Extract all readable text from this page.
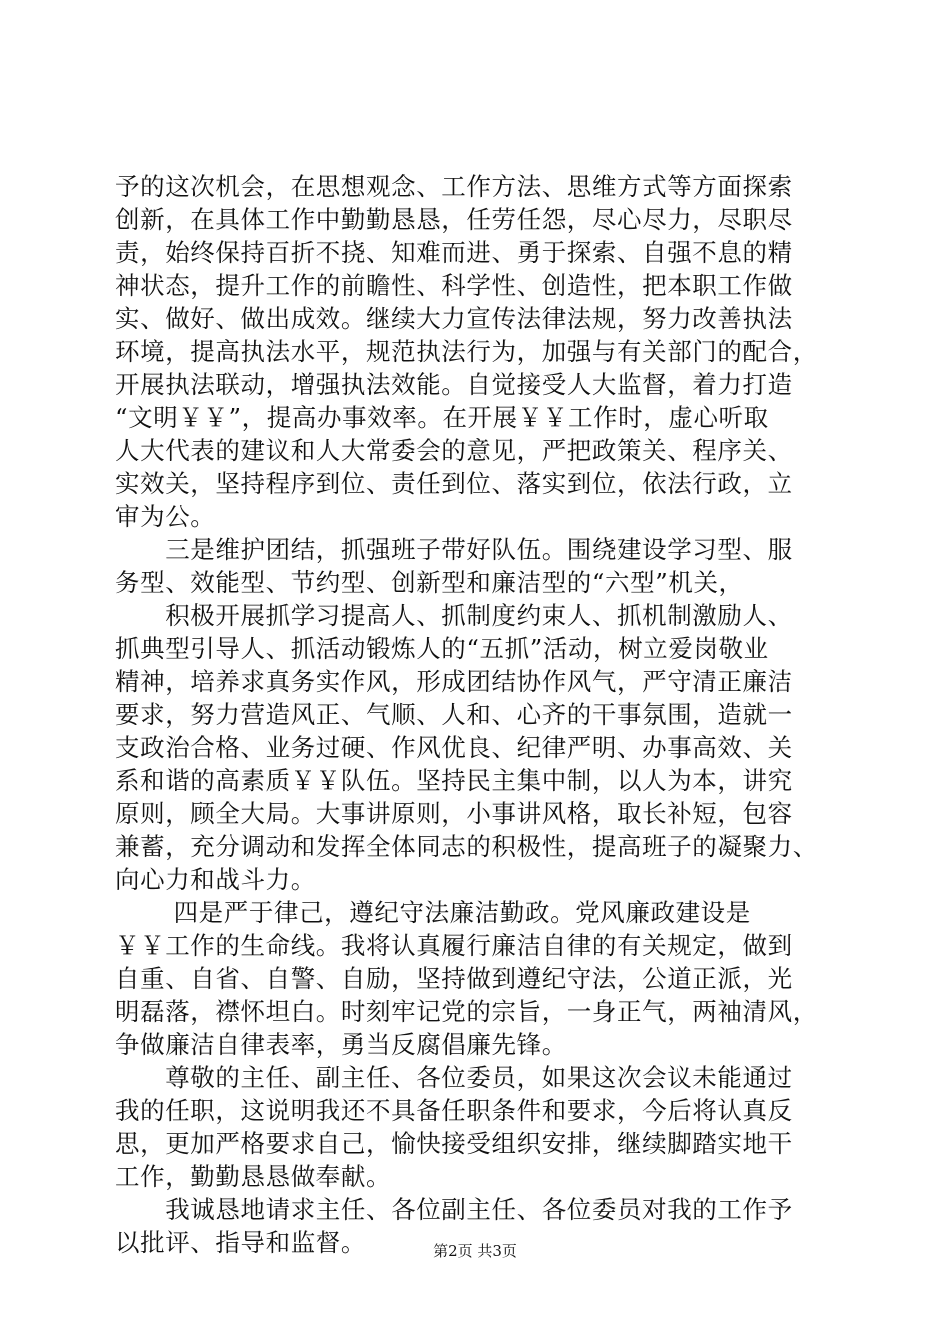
予的这次机会，在思想观念、工作方法、思维方式等方面探索
创新，在具体工作中勤勤恳恳，任劳任怨，尽心尽力，尽职尽
责，始终保持百折不挠、知难而进、勇于探索、自强不息的精
神状态，提升工作的前瞻性、科学性、创造性，把本职工作做
实、做好、做出成效。继续大力宣传法律法规，努力改善执法
环境，提高执法水平，规范执法行为，加强与有关部门的配合，
开展执法联动，增强执法效能。自觉接受人大监督，着力打造
“文明￥￥”，提高办事效率。在开展￥￥工作时，虚心听取
人大代表的建议和人大常委会的意见，严把政策关、程序关、
实效关，坚持程序到位、责任到位、落实到位，依法行政，立
审为公。
　　三是维护团结，抓强班子带好队伍。围绕建设学习型、服
务型、效能型、节约型、创新型和廉洁型的“六型”机关，
　　积极开展抓学习提高人、抓制度约束人、抓机制激励人、
抓典型引导人、抓活动锻炼人的“五抓”活动，树立爱岗敬业
精神，培养求真务实作风，形成团结协作风气，严守清正廉洁
要求，努力营造风正、气顺、人和、心齐的干事氛围，造就一
支政治合格、业务过硬、作风优良、纪律严明、办事高效、关
系和谐的高素质￥￥队伍。坚持民主集中制，以人为本，讲究
原则，顾全大局。大事讲原则，小事讲风格，取长补短，包容
兼蓄，充分调动和发挥全体同志的积极性，提高班子的凝聚力、
向心力和战斗力。
　　 四是严于律己，遵纪守法廉洁勤政。党风廉政建设是
￥￥工作的生命线。我将认真履行廉洁自律的有关规定，做到
自重、自省、自警、自励，坚持做到遵纪守法，公道正派，光
明磊落，襟怀坦白。时刻牢记党的宗旨，一身正气，两袖清风，
争做廉洁自律表率，勇当反腐倡廉先锋。
　　尊敬的主任、副主任、各位委员，如果这次会议未能通过
我的任职，这说明我还不具备任职条件和要求，今后将认真反
思，更加严格要求自己，愉快接受组织安排，继续脚踏实地干
工作，勤勤恳恳做奉献。
　　我诚恳地请求主任、各位副主任、各位委员对我的工作予
以批评、指导和监督。	第2页 共3页
